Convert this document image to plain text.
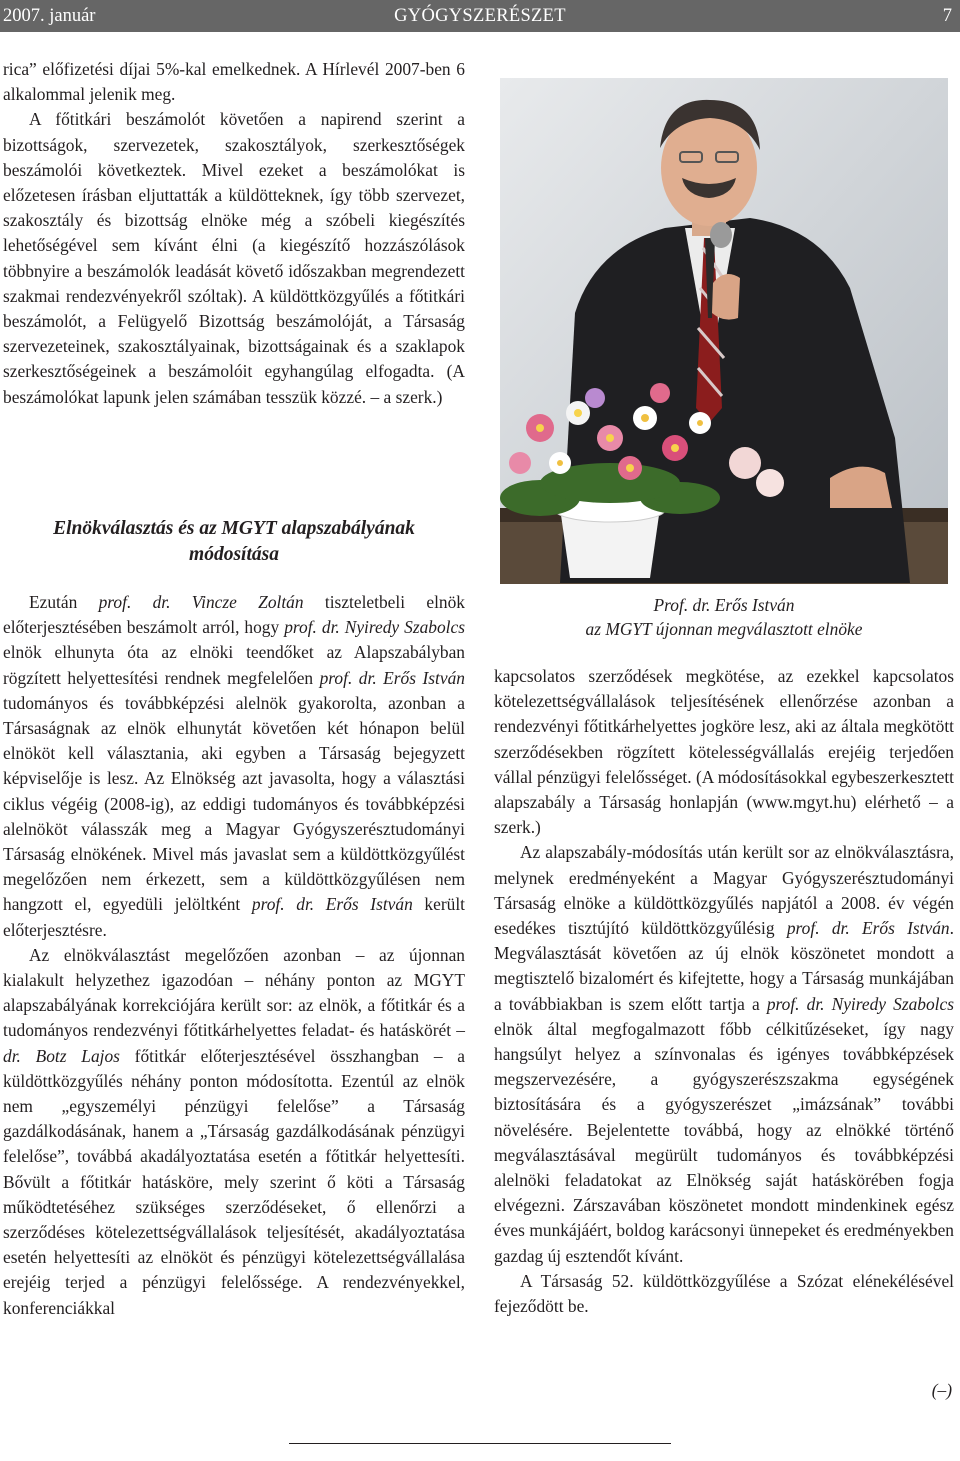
2007. január	GYÓGYSZERÉSZET	7

rica” előfizetési díjai 5%-kal emelkednek. A Hírlevél 2007-ben 6 alkalommal jelenik meg.

A főtitkári beszámolót követően a napirend szerint a bizottságok, szervezetek, szakosztályok, szerkesztőségek beszámolói következtek. Mivel ezeket a beszámolókat is előzetesen írásban eljuttatták a küldötteknek, így több szervezet, szakosztály és bizottság elnöke még a szóbeli kiegészítés lehetőségével sem kívánt élni (a kiegészítő hozzászólások többnyire a beszámolók leadását követő időszakban megrendezett szakmai rendezvényekről szóltak). A küldöttközgyűlés a főtitkári beszámolót, a Felügyelő Bizottság beszámolóját, a Társaság szervezeteinek, szakosztályainak, bizottságainak és a szaklapok szerkesztőségeinek a beszámolóit egyhangúlag elfogadta. (A beszámolókat lapunk jelen számában tesszük közzé. – a szerk.)

Elnökválasztás és az MGYT alapszabályának
módosítása

Ezután prof. dr. Vincze Zoltán tiszteletbeli elnök előterjesztésében beszámolt arról, hogy prof. dr. Nyiredy Szabolcs elnök elhunyta óta az elnöki teendőket az Alapszabályban rögzített helyettesítési rendnek megfelelően prof. dr. Erős István tudományos és továbbképzési alelnök gyakorolta, azonban a Társaságnak az elnök elhunytát követően két hónapon belül elnököt kell választania, aki egyben a Társaság bejegyzett képviselője is lesz. Az Elnökség azt javasolta, hogy a választási ciklus végéig (2008-ig), az eddigi tudományos és továbbképzési alelnököt válasszák meg a Magyar Gyógyszerésztudományi Társaság elnökének. Mivel más javaslat sem a küldöttközgyűlést megelőzően nem érkezett, sem a küldöttközgyűlésen nem hangzott el, egyedüli jelöltként prof. dr. Erős István került előterjesztésre.

Az elnökválasztást megelőzően azonban – az újonnan kialakult helyzethez igazodóan – néhány ponton az MGYT alapszabályának korrekciójára került sor: az elnök, a főtitkár és a tudományos rendezvényi főtitkárhelyettes feladat- és hatáskörét – dr. Botz Lajos főtitkár előterjesztésével összhangban – a küldöttközgyűlés néhány ponton módosította. Ezentúl az elnök nem „egyszemélyi pénzügyi felelőse” a Társaság gazdálkodásának, hanem a „Társaság gazdálkodásának pénzügyi felelőse”, továbbá akadályoztatása esetén a főtitkár helyettesíti. Bővült a főtitkár hatásköre, mely szerint ő köti a Társaság működtetéséhez szükséges szerződéseket, ő ellenőrzi a szerződéses kötelezettségvállalások teljesítését, akadályoztatása esetén helyettesíti az elnököt és pénzügyi kötelezettségvállalása erejéig terjed a pénzügyi felelőssége. A rendezvényekkel, konferenciákkal

Prof. dr. Erős István
az MGYT újonnan megválasztott elnöke

kapcsolatos szerződések megkötése, az ezekkel kapcsolatos kötelezettségvállalások teljesítésének ellenőrzése azonban a rendezvényi főtitkárhelyettes jogköre lesz, aki az általa megkötött szerződésekben rögzített kötelességvállalás erejéig terjedően vállal pénzügyi felelősséget. (A módosításokkal egybeszerkesztett alapszabály a Társaság honlapján (www.mgyt.hu) elérhető – a szerk.)

Az alapszabály-módosítás után került sor az elnökválasztásra, melynek eredményeként a Magyar Gyógyszerésztudományi Társaság elnöke a küldöttközgyűlés napjától a 2008. év végén esedékes tisztújító küldöttközgyűlésig prof. dr. Erős István. Megválasztását követően az új elnök köszönetet mondott a megtisztelő bizalomért és kifejtette, hogy a Társaság munkájában a továbbiakban is szem előtt tartja a prof. dr. Nyiredy Szabolcs elnök által megfogalmazott főbb célkitűzéseket, így nagy hangsúlyt helyez a színvonalas és igényes továbbképzések megszervezésére, a gyógyszerészszakma egységének biztosítására és a gyógyszerészet „imázsának” további növelésére. Bejelentette továbbá, hogy az elnökké történő megválasztásával megürült tudományos és továbbképzési alelnöki feladatokat az Elnökség saját hatáskörében fogja elvégezni. Zárszavában köszönetet mondott mindenkinek egész éves munkájáért, boldog karácsonyi ünnepeket és eredményekben gazdag új esztendőt kívánt.

A Társaság 52. küldöttközgyűlése a Szózat elénekélésével fejeződött be.

(–)
